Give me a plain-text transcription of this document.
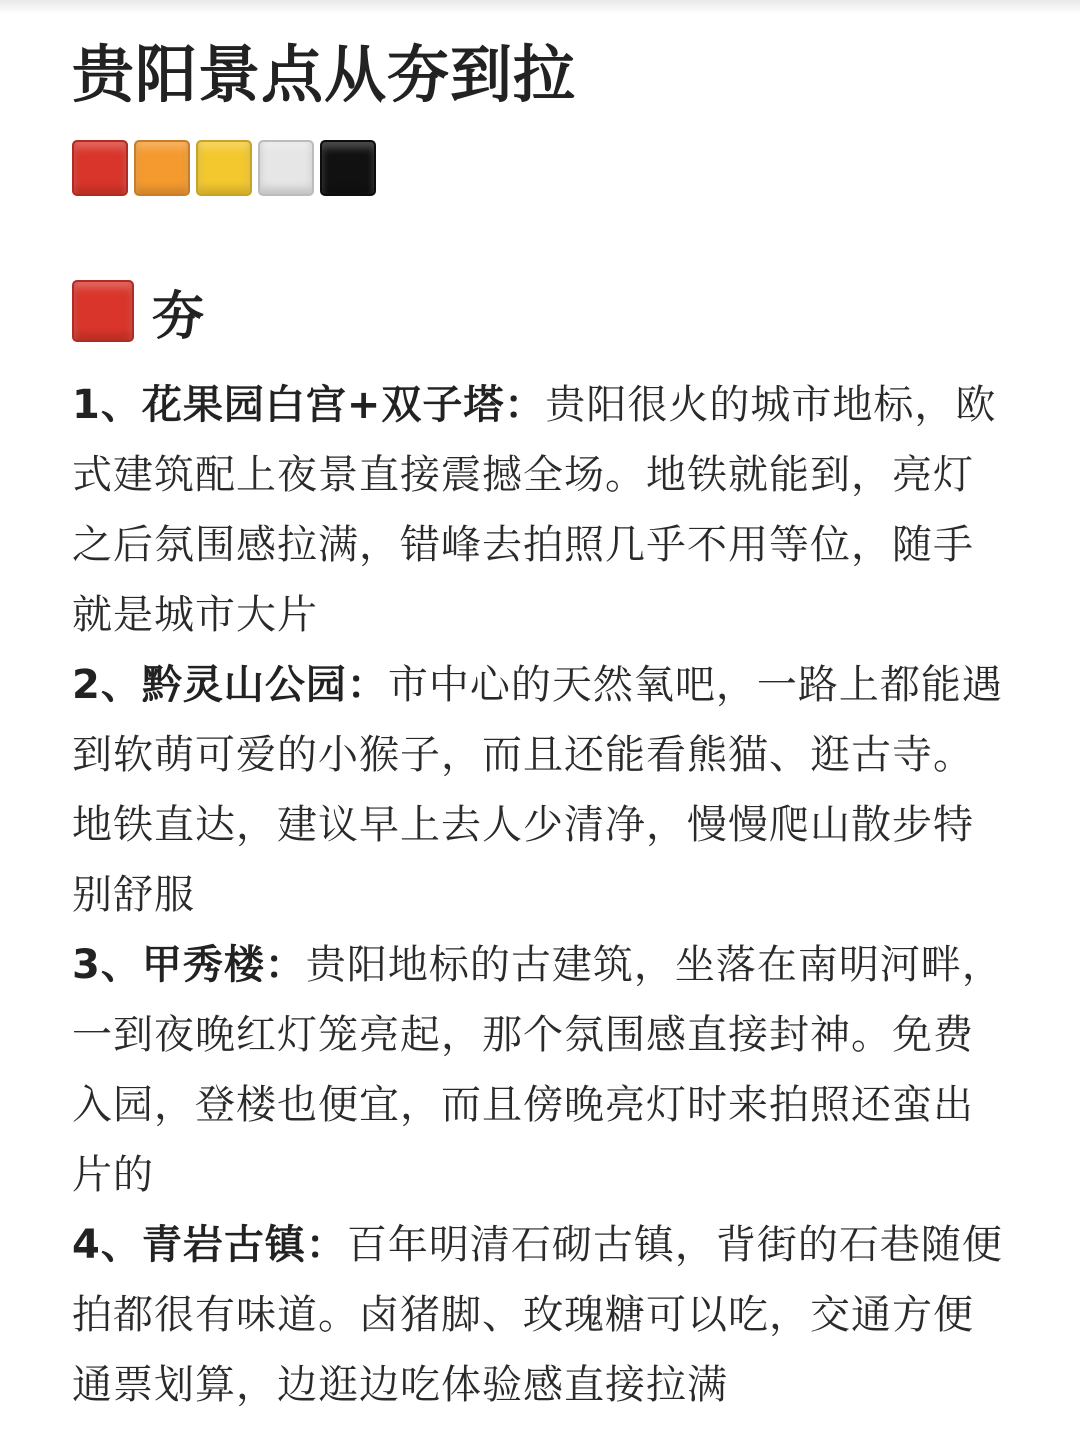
贵阳景点从夯到拉
夯
1、花果园白宫+双子塔：贵阳很火的城市地标，欧式建筑配上夜景直接震撼全场。地铁就能到，亮灯之后氛围感拉满，错峰去拍照几乎不用等位，随手就是城市大片
2、黔灵山公园：市中心的天然氧吧，一路上都能遇到软萌可爱的小猴子，而且还能看熊猫、逛古寺。地铁直达，建议早上去人少清净，慢慢爬山散步特别舒服
3、甲秀楼：贵阳地标的古建筑，坐落在南明河畔，一到夜晚红灯笼亮起，那个氛围感直接封神。免费入园，登楼也便宜，而且傍晚亮灯时来拍照还蛮出片的
4、青岩古镇：百年明清石砌古镇，背街的石巷随便拍都很有味道。卤猪脚、玫瑰糖可以吃，交通方便通票划算，边逛边吃体验感直接拉满
